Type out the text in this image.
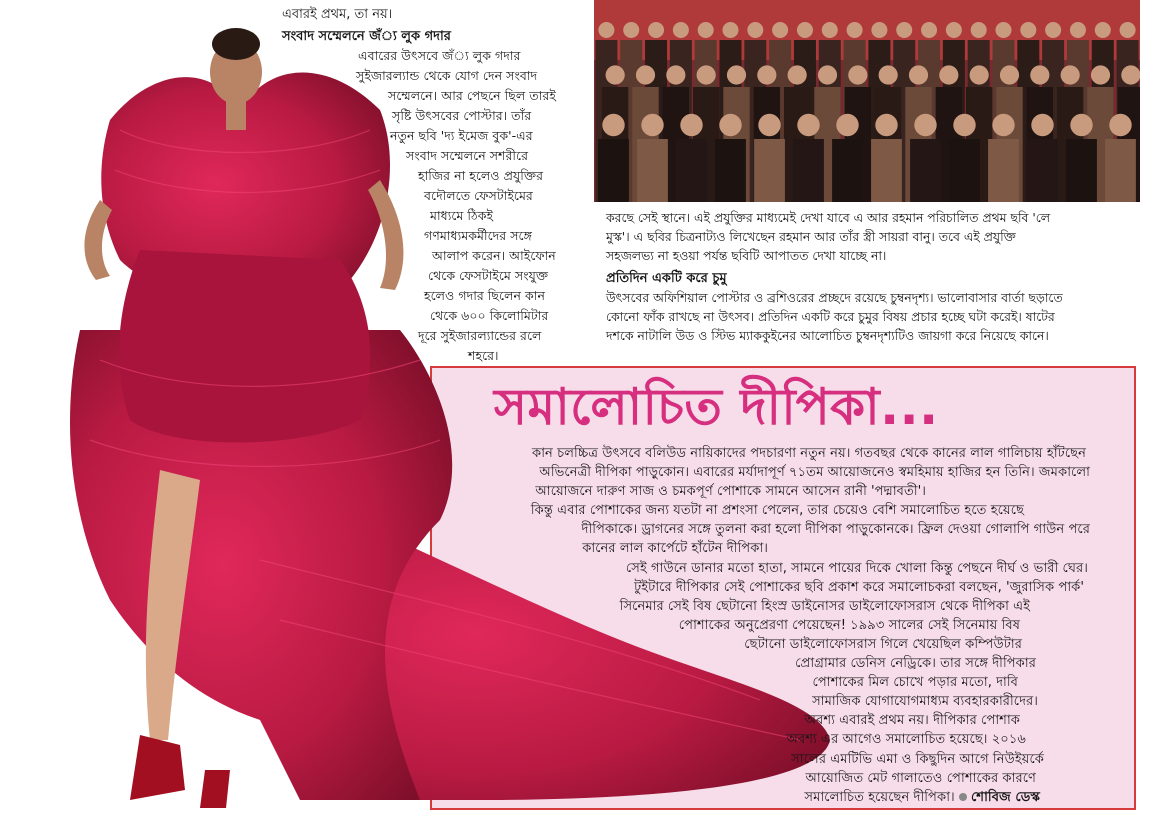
এবারই প্রথম, তা নয়।
সংবাদ সম্মেলনে জঁ্য লুক গদার
এবারের উৎসবে জঁ্য লুক গদার
সুইজারল্যান্ড থেকে যোগ দেন সংবাদ
সম্মেলনে। আর পেছনে ছিল তারই
সৃষ্টি উৎসবের পোস্টার। তাঁর
নতুন ছবি 'দ্য ইমেজ বুক'-এর
সংবাদ সম্মেলনে সশরীরে
হাজির না হলেও প্রযুক্তির
বদৌলতে ফেসটাইমের
মাধ্যমে ঠিকই
গণমাধ্যমকর্মীদের সঙ্গে
আলাপ করেন। আইফোন
থেকে ফেসটাইমে সংযুক্ত
হলেও গদার ছিলেন কান
থেকে ৬০০ কিলোমিটার
দূরে সুইজারল্যান্ডের রলে
শহরে।
করছে সেই স্থানে। এই প্রযুক্তির মাধ্যমেই দেখা যাবে এ আর রহমান পরিচালিত প্রথম ছবি 'লে
মুস্ক'। এ ছবির চিত্রনাট্যও লিখেছেন রহমান আর তাঁর স্ত্রী সায়রা বানু। তবে এই প্রযুক্তি
সহজলভ্য না হওয়া পর্যন্ত ছবিটি আপাতত দেখা যাচ্ছে না।
প্রতিদিন একটি করে চুমু
উৎসবের অফিশিয়াল পোস্টার ও ব্রশিওরের প্রচ্ছদে রয়েছে চুম্বনদৃশ্য। ভালোবাসার বার্তা ছড়াতে
কোনো ফাঁক রাখছে না উৎসব। প্রতিদিন একটি করে চুমুর বিষয় প্রচার হচ্ছে ঘটা করেই। ষাটের
দশকে নাটালি উড ও স্টিভ ম্যাককুইনের আলোচিত চুম্বনদৃশ্যটিও জায়গা করে নিয়েছে কানে।
সমালোচিত দীপিকা...
কান চলচ্চিত্র উৎসবে বলিউড নায়িকাদের পদচারণা নতুন নয়। গতবছর থেকে কানের লাল গালিচায় হাঁটছেন
অভিনেত্রী দীপিকা পাড়ুকোন। এবারের মর্যাদাপূর্ণ ৭১তম আয়োজনেও স্বমহিমায় হাজির হন তিনি। জমকালো
আয়োজনে দারুণ সাজ ও চমকপূর্ণ পোশাকে সামনে আসেন রানী 'পদ্মাবতী'।
কিন্তু এবার পোশাকের জন্য যতটা না প্রশংসা পেলেন, তার চেয়েও বেশি সমালোচিত হতে হয়েছে
দীপিকাকে। ড্রাগনের সঙ্গে তুলনা করা হলো দীপিকা পাড়ুকোনকে। ফ্রিল দেওয়া গোলাপি গাউন পরে
কানের লাল কার্পেটে হাঁটেন দীপিকা।
সেই গাউনে ডানার মতো হাতা, সামনে পায়ের দিকে খোলা কিন্তু পেছনে দীর্ঘ ও ভারী ঘের।
টুইটারে দীপিকার সেই পোশাকের ছবি প্রকাশ করে সমালোচকরা বলছেন, 'জুরাসিক পার্ক'
সিনেমার সেই বিষ ছেটানো হিংস্র ডাইনোসর ডাইলোফোসরাস থেকে দীপিকা এই
পোশাকের অনুপ্রেরণা পেয়েছেন! ১৯৯৩ সালের সেই সিনেমায় বিষ
ছেটানো ডাইলোফোসরাস গিলে খেয়েছিল কম্পিউটার
প্রোগ্রামার ডেনিস নেড্রিকে। তার সঙ্গে দীপিকার
পোশাকের মিল চোখে পড়ার মতো, দাবি
সামাজিক যোগাযোগমাধ্যম ব্যবহারকারীদের।
অবশ্য এবারই প্রথম নয়। দীপিকার পোশাক
অবশ্য এর আগেও সমালোচিত হয়েছে। ২০১৬
সালের এমটিভি এমা ও কিছুদিন আগে নিউইয়র্কে
আয়োজিত মেট গালাতেও পোশাকের কারণে
সমালোচিত হয়েছেন দীপিকা। শোবিজ ডেস্ক
